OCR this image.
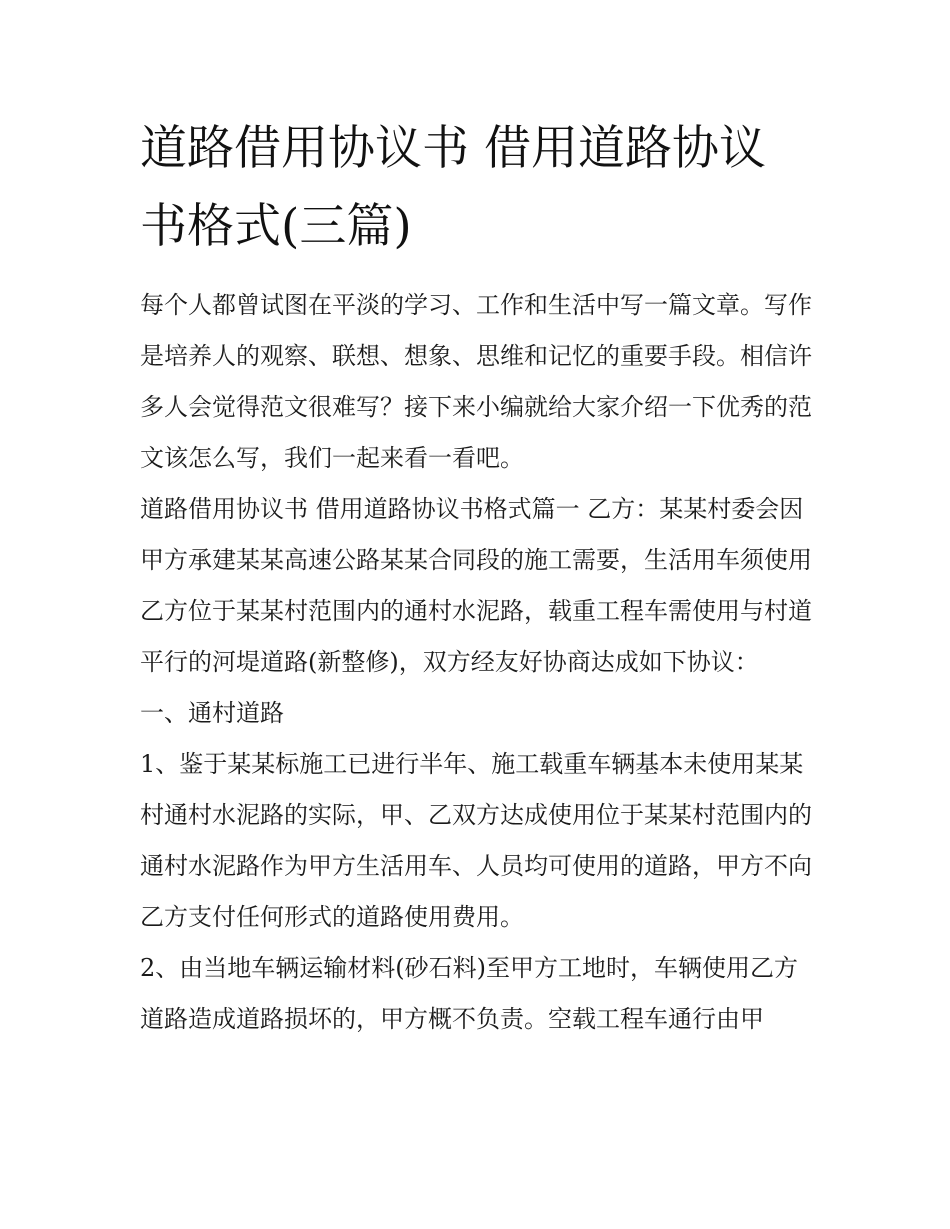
道路借用协议书 借用道路协议书格式(三篇)

每个人都曾试图在平淡的学习、工作和生活中写一篇文章。写作是培养人的观察、联想、想象、思维和记忆的重要手段。相信许多人会觉得范文很难写？接下来小编就给大家介绍一下优秀的范文该怎么写，我们一起来看一看吧。

道路借用协议书 借用道路协议书格式篇一 乙方：某某村委会因甲方承建某某高速公路某某合同段的施工需要，生活用车须使用乙方位于某某村范围内的通村水泥路，载重工程车需使用与村道平行的河堤道路(新整修)，双方经友好协商达成如下协议：

一、通村道路

1、鉴于某某标施工已进行半年、施工载重车辆基本未使用某某村通村水泥路的实际，甲、乙双方达成使用位于某某村范围内的通村水泥路作为甲方生活用车、人员均可使用的道路，甲方不向乙方支付任何形式的道路使用费用。

2、由当地车辆运输材料(砂石料)至甲方工地时，车辆使用乙方道路造成道路损坏的，甲方概不负责。空载工程车通行由甲
